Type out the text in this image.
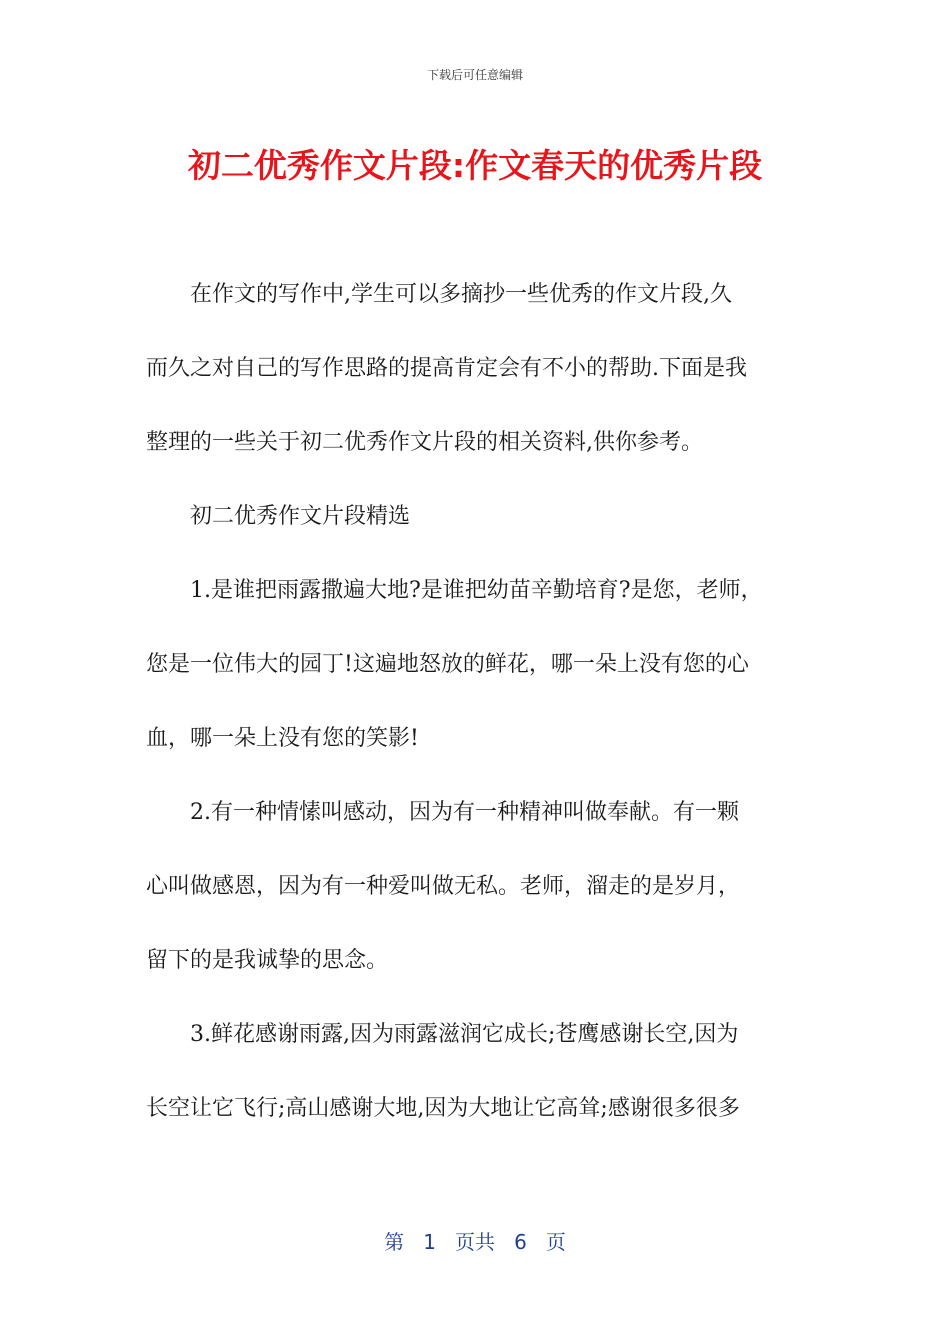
下载后可任意编辑
初二优秀作文片段:作文春天的优秀片段
在作文的写作中,学生可以多摘抄一些优秀的作文片段,久
而久之对自己的写作思路的提高肯定会有不小的帮助.下面是我
整理的一些关于初二优秀作文片段的相关资料,供你参考。
初二优秀作文片段精选
1.是谁把雨露撒遍大地?是谁把幼苗辛勤培育?是您，老师，
您是一位伟大的园丁!这遍地怒放的鲜花，哪一朵上没有您的心
血，哪一朵上没有您的笑影!
2.有一种情愫叫感动，因为有一种精神叫做奉献。有一颗
心叫做感恩，因为有一种爱叫做无私。老师，溜走的是岁月，
留下的是我诚挚的思念。
3.鲜花感谢雨露,因为雨露滋润它成长;苍鹰感谢长空,因为
长空让它飞行;高山感谢大地,因为大地让它高耸;感谢很多很多
第 1 页共 6 页
